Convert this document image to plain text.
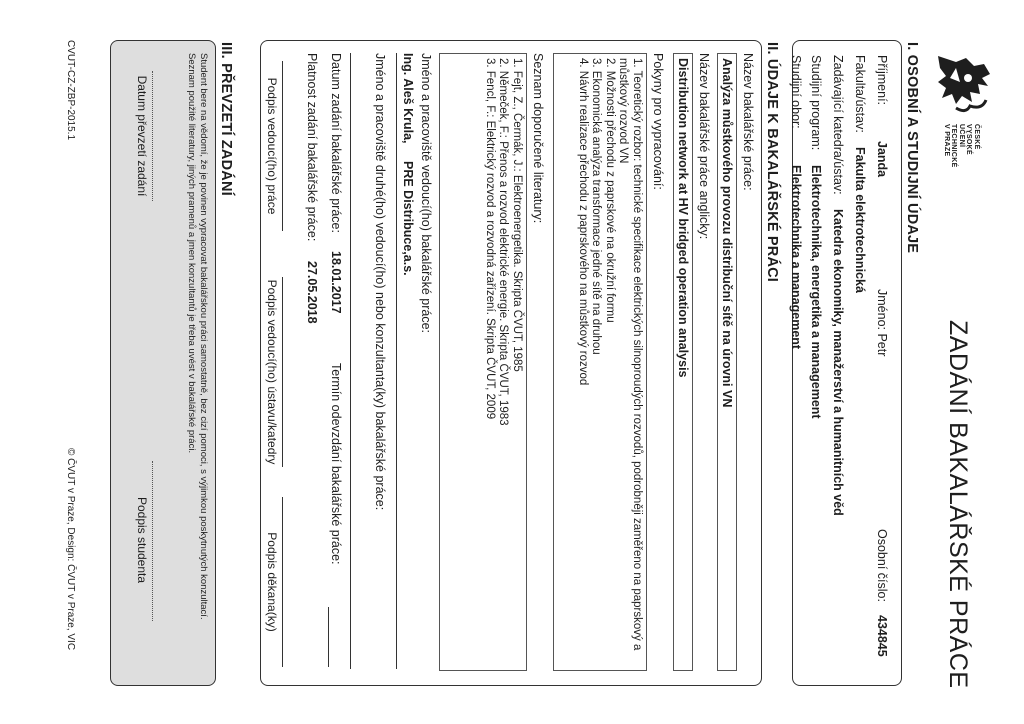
ČESKÉ
VYSOKÉ
UČENÍ
TECHNICKÉ
V PRAZE
ZADÁNÍ BAKALÁŘSKÉ PRÁCE
I. OSOBNÍ A STUDIJNÍ ÚDAJE
Příjmení:
Janda
Jméno: Petr
Osobní číslo:
434845
Fakulta/ústav:
Fakulta elektrotechnická
Zadávající katedra/ústav:
Katedra ekonomiky, manažerství a humanitních věd
Studijní program:
Elektrotechnika, energetika a management
Studijní obor:
Elektrotechnika a management
II. ÚDAJE K BAKALÁŘSKÉ PRÁCI
Název bakalářské práce:
Analýza můstkového provozu distribuční sítě na úrovni VN
Název bakalářské práce anglicky:
Distribution network at HV bridged operation analysis
Pokyny pro vypracování:
1. Teoretický rozbor: technické specifikace elektrických silnoproudých rozvodů, podrobněji zaměřeno na paprskový a
můstkový rozvod VN
2. Možnosti přechodu z paprskové na okružní formu
3. Ekonomická analýza transformace jedné sítě na druhou
4. Návrh realizace přechodu z paprskového na můstkový rozvod
Seznam doporučené literatury:
1. Fejt, Z., Čermák, J.: Elektroenergetika. Skripta ČVUT, 1985
2. Němeček, F.: Přenos a rozvod elektrické energie. Skripta ČVUT, 1983
3. Fencl, F.: Elektrický rozvod a rozvodná zařízení. Skripta ČVUT, 2009
Jméno a pracoviště vedoucí(ho) bakalářské práce:
Ing. Aleš Krula,
PRE Distribuce,a.s.
Jméno a pracoviště druhé(ho) vedoucí(ho) nebo konzultanta(ky) bakalářské práce:
Datum zadání bakalářské práce:
18.01.2017
Termín odevzdání bakalářské práce:
Platnost zadání bakalářské práce:
27.05.2018
Podpis vedoucí(ho) práce
Podpis vedoucí(ho) ústavu/katedry
Podpis děkana(ky)
III. PŘEVZETÍ ZADÁNÍ
Student bere na vědomí, že je povinen vypracovat bakalářskou práci samostatně, bez cizí pomoci, s výjimkou poskytnutých konzultací.
Seznam použité literatury, jiných pramenů a jmen konzultantů je třeba uvést v bakalářské práci.
Datum převzetí zadání
Podpis studenta
CVUT-CZ-ZBP-2015.1
© ČVUT v Praze, Design: ČVUT v Praze, VIC
